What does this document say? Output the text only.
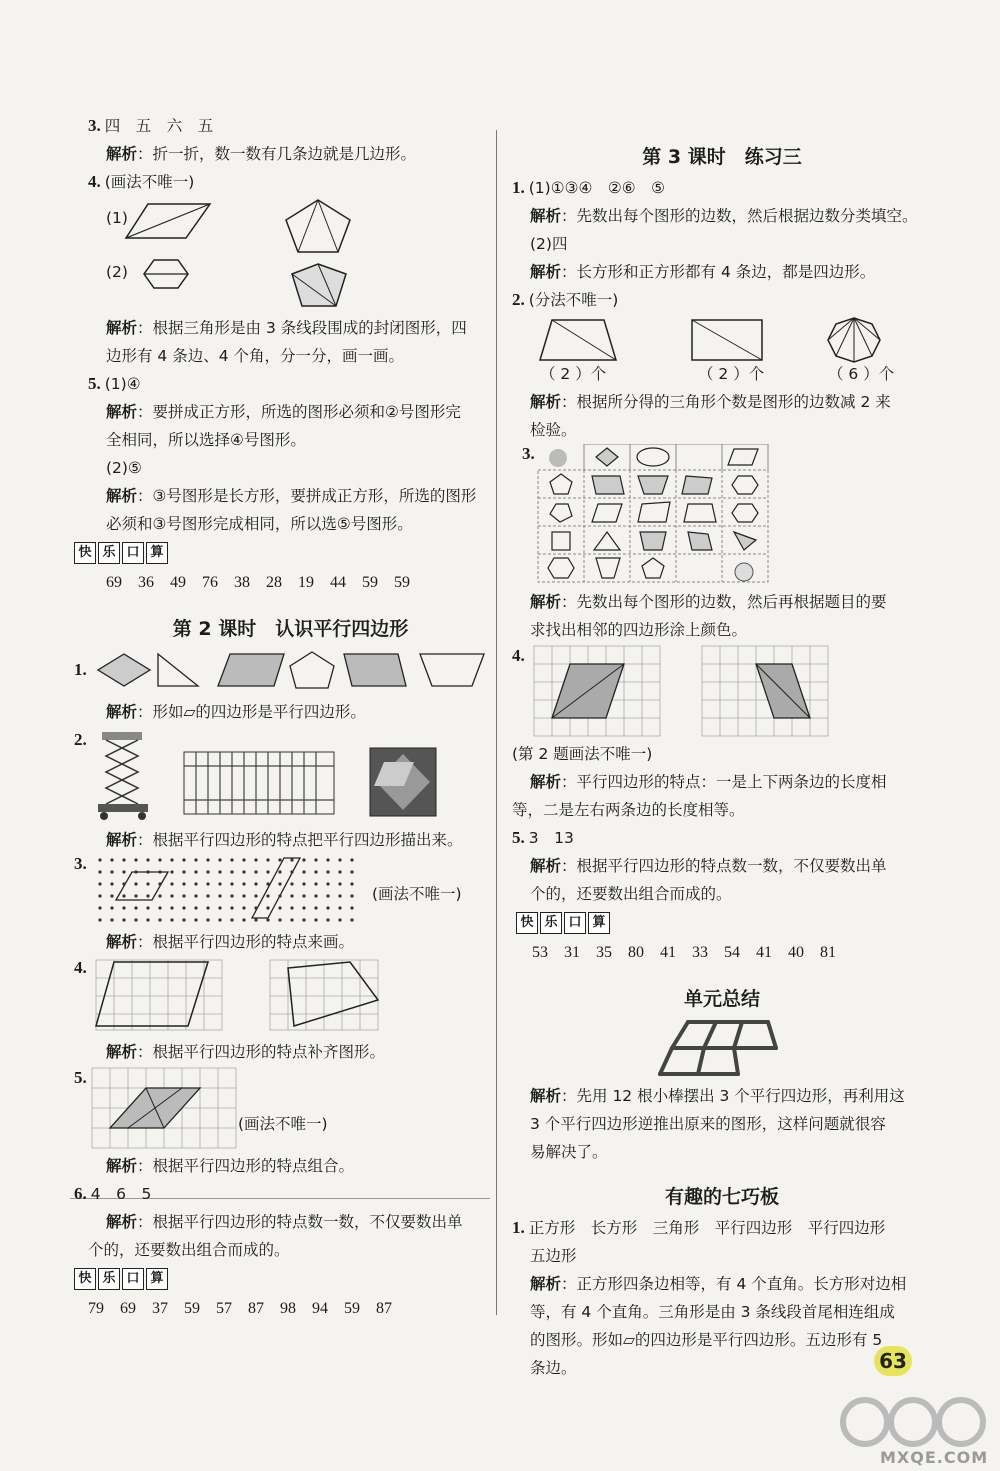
3. 四　五　六　五
解析：折一折，数一数有几条边就是几边形。
4. (画法不唯一)
(1)
(2)
解析：根据三角形是由 3 条线段围成的封闭图形，四
边形有 4 条边、4 个角，分一分，画一画。
5. (1)④
解析：要拼成正方形，所选的图形必须和②号图形完
全相同，所以选择④号图形。
(2)⑤
解析：③号图形是长方形，要拼成正方形，所选的图形
必须和③号图形完成相同，所以选⑤号图形。
快 乐 口 算
69　36　49　76　38　28　19　44　59　59
第 2 课时　认识平行四边形
1.
解析：形如▱的四边形是平行四边形。
2.
解析：根据平行四边形的特点把平行四边形描出来。
3.
(画法不唯一)
解析：根据平行四边形的特点来画。
4.
解析：根据平行四边形的特点补齐图形。
5.
(画法不唯一)
解析：根据平行四边形的特点组合。
6. 4　6　5
解析：根据平行四边形的特点数一数，不仅要数出单
个的，还要数出组合而成的。
快 乐 口 算
79　69　37　59　57　87　98　94　59　87
第 3 课时　练习三
1. (1)①③④　②⑥　⑤
解析：先数出每个图形的边数，然后根据边数分类填空。
(2)四
解析：长方形和正方形都有 4 条边，都是四边形。
2. (分法不唯一)
（ 2 ）个	（ 2 ）个	（ 6 ）个
解析：根据所分得的三角形个数是图形的边数减 2 来
检验。
3.
解析：先数出每个图形的边数，然后再根据题目的要
求找出相邻的四边形涂上颜色。
4.
(第 2 题画法不唯一)
解析：平行四边形的特点：一是上下两条边的长度相
等，二是左右两条边的长度相等。
5. 3　13
解析：根据平行四边形的特点数一数，不仅要数出单
个的，还要数出组合而成的。
快 乐 口 算
53　31　35　80　41　33　54　41　40　81
单元总结
解析：先用 12 根小棒摆出 3 个平行四边形，再利用这
3 个平行四边形逆推出原来的图形，这样问题就很容
易解决了。
有趣的七巧板
1. 正方形　长方形　三角形　平行四边形　平行四边形
五边形
解析：正方形四条边相等，有 4 个直角。长方形对边相
等，有 4 个直角。三角形是由 3 条线段首尾相连组成
的图形。形如▱的四边形是平行四边形。五边形有 5
条边。	63
MXQE.COM
